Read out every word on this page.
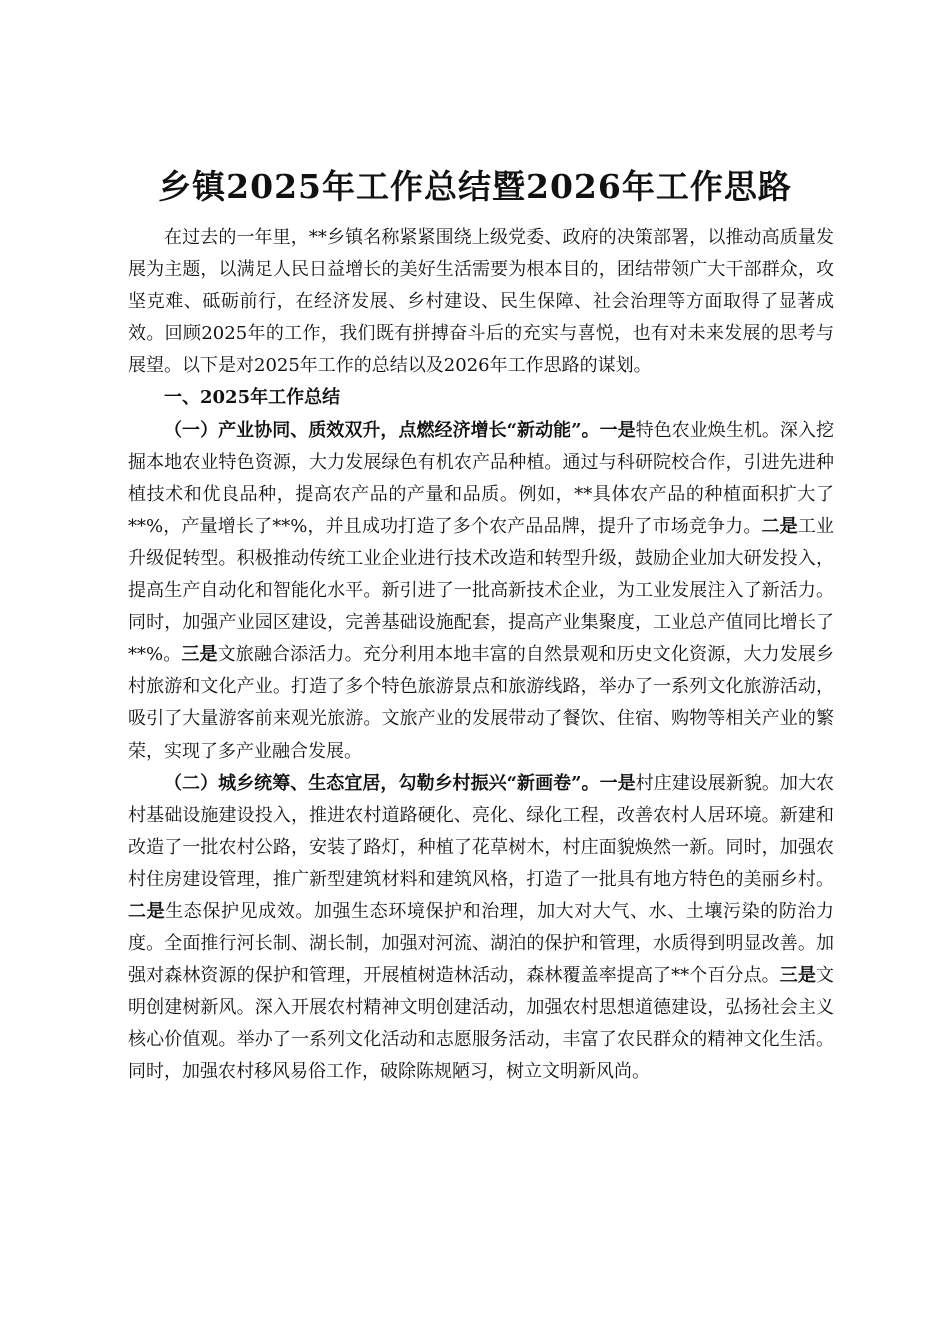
乡镇2025年工作总结暨2026年工作思路

在过去的一年里，**乡镇名称紧紧围绕上级党委、政府的决策部署，以推动高质量发展为主题，以满足人民日益增长的美好生活需要为根本目的，团结带领广大干部群众，攻坚克难、砥砺前行，在经济发展、乡村建设、民生保障、社会治理等方面取得了显著成效。回顾2025年的工作，我们既有拼搏奋斗后的充实与喜悦，也有对未来发展的思考与展望。以下是对2025年工作的总结以及2026年工作思路的谋划。

一、2025年工作总结

（一）产业协同、质效双升，点燃经济增长“新动能”。一是特色农业焕生机。深入挖掘本地农业特色资源，大力发展绿色有机农产品种植。通过与科研院校合作，引进先进种植技术和优良品种，提高农产品的产量和品质。例如，**具体农产品的种植面积扩大了**%，产量增长了**%，并且成功打造了多个农产品品牌，提升了市场竞争力。二是工业升级促转型。积极推动传统工业企业进行技术改造和转型升级，鼓励企业加大研发投入，提高生产自动化和智能化水平。新引进了一批高新技术企业，为工业发展注入了新活力。同时，加强产业园区建设，完善基础设施配套，提高产业集聚度，工业总产值同比增长了**%。三是文旅融合添活力。充分利用本地丰富的自然景观和历史文化资源，大力发展乡村旅游和文化产业。打造了多个特色旅游景点和旅游线路，举办了一系列文化旅游活动，吸引了大量游客前来观光旅游。文旅产业的发展带动了餐饮、住宿、购物等相关产业的繁荣，实现了多产业融合发展。

（二）城乡统筹、生态宜居，勾勒乡村振兴“新画卷”。一是村庄建设展新貌。加大农村基础设施建设投入，推进农村道路硬化、亮化、绿化工程，改善农村人居环境。新建和改造了一批农村公路，安装了路灯，种植了花草树木，村庄面貌焕然一新。同时，加强农村住房建设管理，推广新型建筑材料和建筑风格，打造了一批具有地方特色的美丽乡村。二是生态保护见成效。加强生态环境保护和治理，加大对大气、水、土壤污染的防治力度。全面推行河长制、湖长制，加强对河流、湖泊的保护和管理，水质得到明显改善。加强对森林资源的保护和管理，开展植树造林活动，森林覆盖率提高了**个百分点。三是文明创建树新风。深入开展农村精神文明创建活动，加强农村思想道德建设，弘扬社会主义核心价值观。举办了一系列文化活动和志愿服务活动，丰富了农民群众的精神文化生活。同时，加强农村移风易俗工作，破除陈规陋习，树立文明新风尚。
